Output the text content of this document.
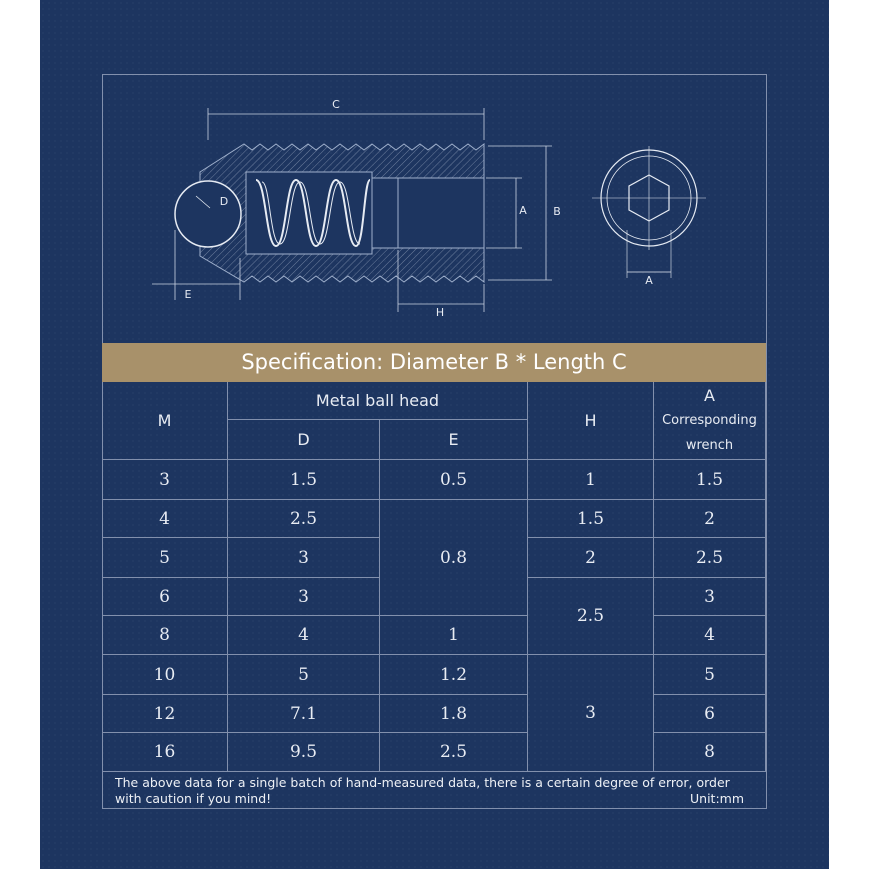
C
D
A B
E
H
A
Specification: Diameter B * Length C
M
Metal ball head
D	E
H
A
Corresponding
wrench
3
4
5
6
8
10
12
16
1.5
2.5
3
3
4
5
7.1
9.5
0.5
0.8
1
1.2
1.8
2.5
1
1.5
2
2.5
3
1.5
2
2.5
3
4
5
6
8
The above data for a single batch of hand-measured data, there is a certain degree of error, order with caution if you mind!	Unit:mm
